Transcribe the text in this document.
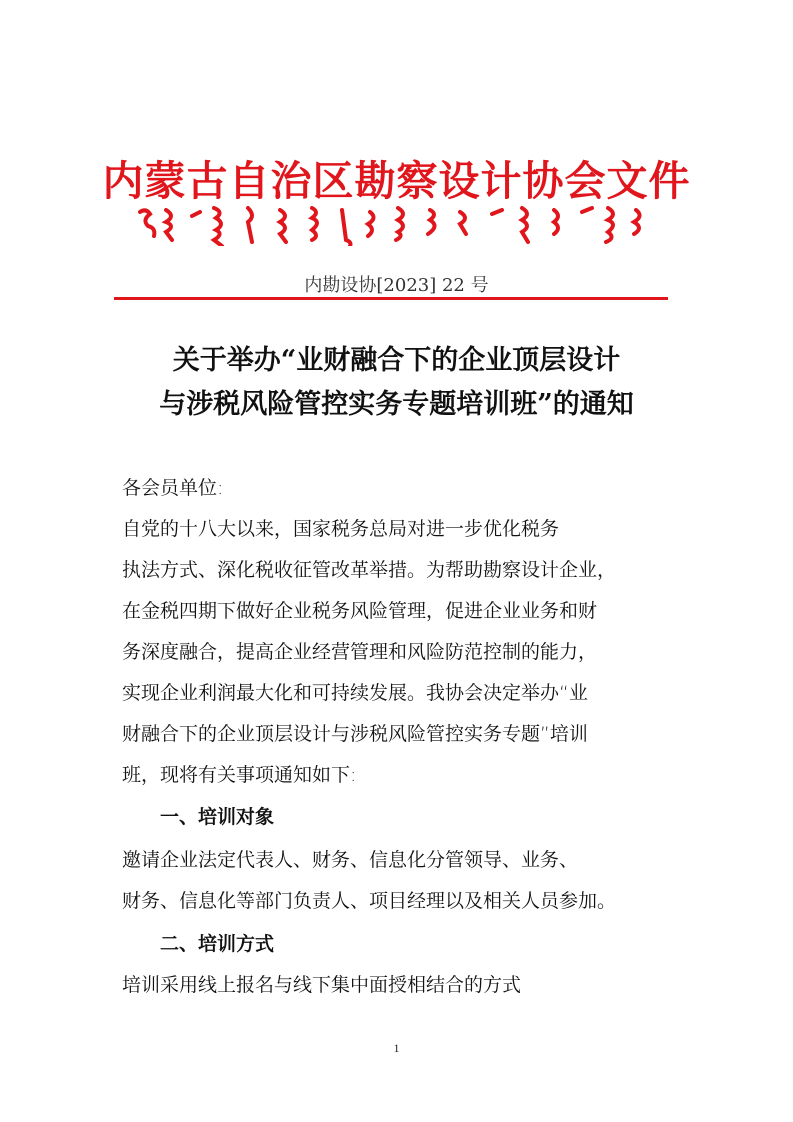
内蒙古自治区勘察设计协会文件
内勘设协[2023] 22 号
关于举办“业财融合下的企业顶层设计
与涉税风险管控实务专题培训班”的通知
各会员单位:
自党的十八大以来，国家税务总局对进一步优化税务
执法方式、深化税收征管改革举措。为帮助勘察设计企业，
在金税四期下做好企业税务风险管理，促进企业业务和财
务深度融合，提高企业经营管理和风险防范控制的能力，
实现企业利润最大化和可持续发展。我协会决定举办“业
财融合下的企业顶层设计与涉税风险管控实务专题”培训
班，现将有关事项通知如下:
一、培训对象
邀请企业法定代表人、财务、信息化分管领导、业务、
财务、信息化等部门负责人、项目经理以及相关人员参加。
二、培训方式
培训采用线上报名与线下集中面授相结合的方式
1
